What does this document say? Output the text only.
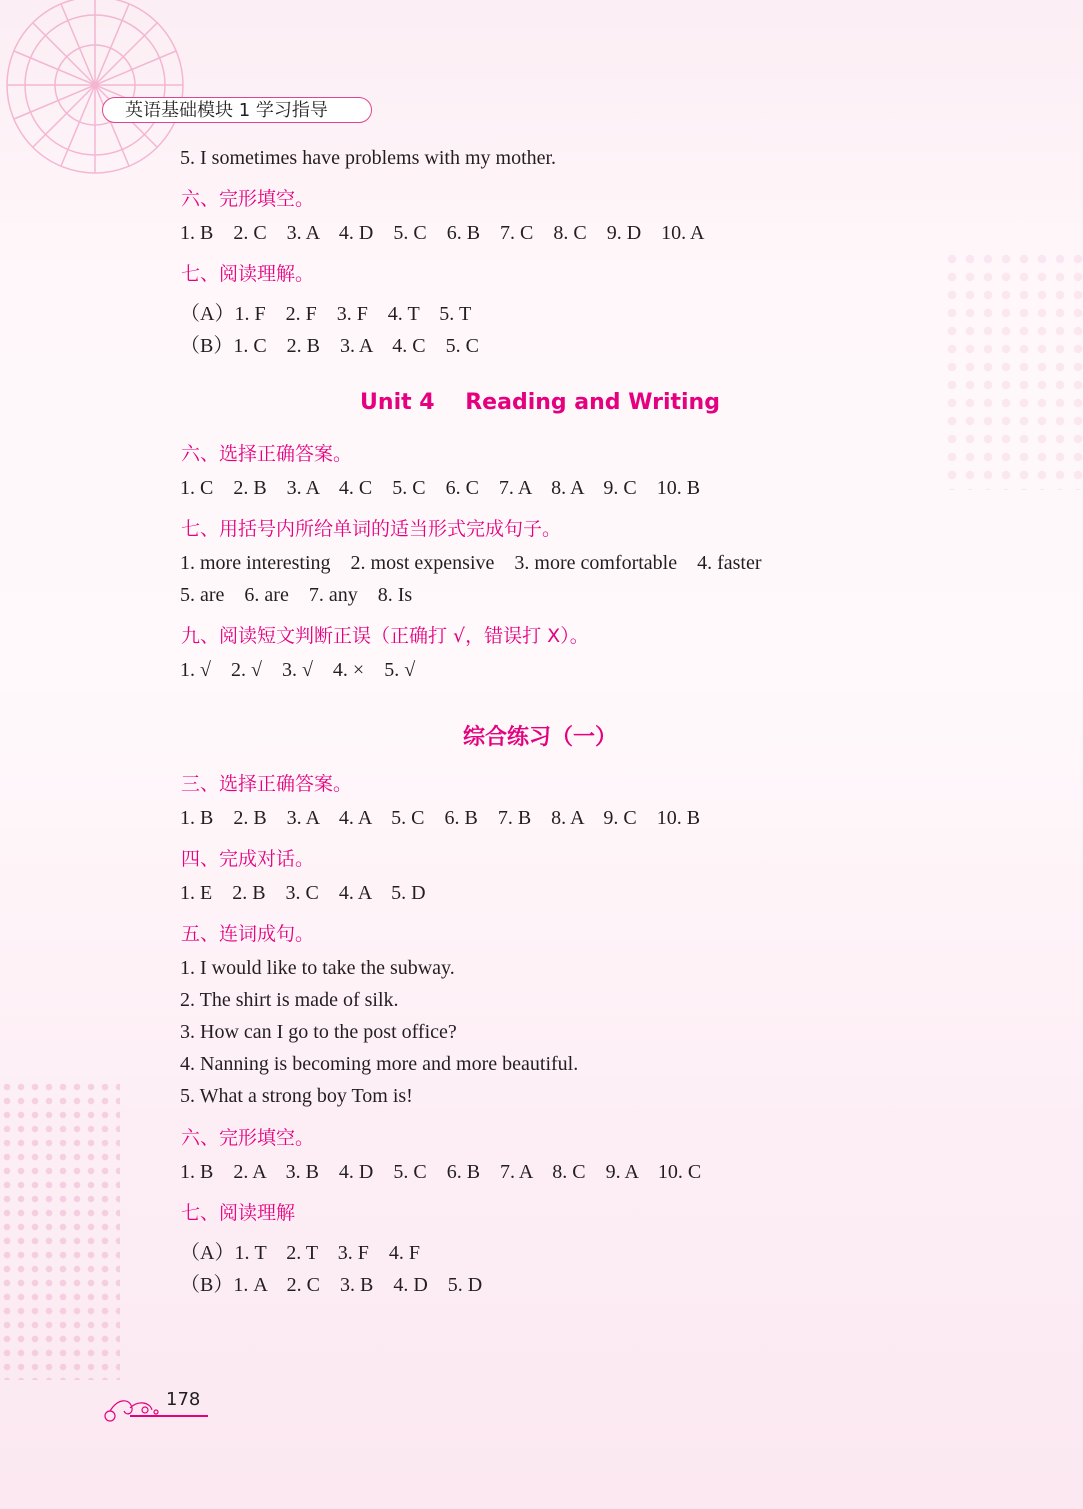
英语基础模块 1 学习指导
5. I sometimes have problems with my mother.
六、完形填空。
1. B    2. C    3. A    4. D    5. C    6. B    7. C    8. C    9. D    10. A
七、阅读理解。
（A）1. F    2. F    3. F    4. T    5. T
（B）1. C    2. B    3. A    4. C    5. C
Unit 4    Reading and Writing
六、选择正确答案。
1. C    2. B    3. A    4. C    5. C    6. C    7. A    8. A    9. C    10. B
七、用括号内所给单词的适当形式完成句子。
1. more interesting    2. most expensive    3. more comfortable    4. faster
5. are    6. are    7. any    8. Is
九、阅读短文判断正误（正确打 √，错误打 X）。
1. √    2. √    3. √    4. ×    5. √
综合练习（一）
三、选择正确答案。
1. B    2. B    3. A    4. A    5. C    6. B    7. B    8. A    9. C    10. B
四、完成对话。
1. E    2. B    3. C    4. A    5. D
五、连词成句。
1. I would like to take the subway.
2. The shirt is made of silk.
3. How can I go to the post office?
4. Nanning is becoming more and more beautiful.
5. What a strong boy Tom is!
六、完形填空。
1. B    2. A    3. B    4. D    5. C    6. B    7. A    8. C    9. A    10. C
七、阅读理解
（A）1. T    2. T    3. F    4. F
（B）1. A    2. C    3. B    4. D    5. D
178
